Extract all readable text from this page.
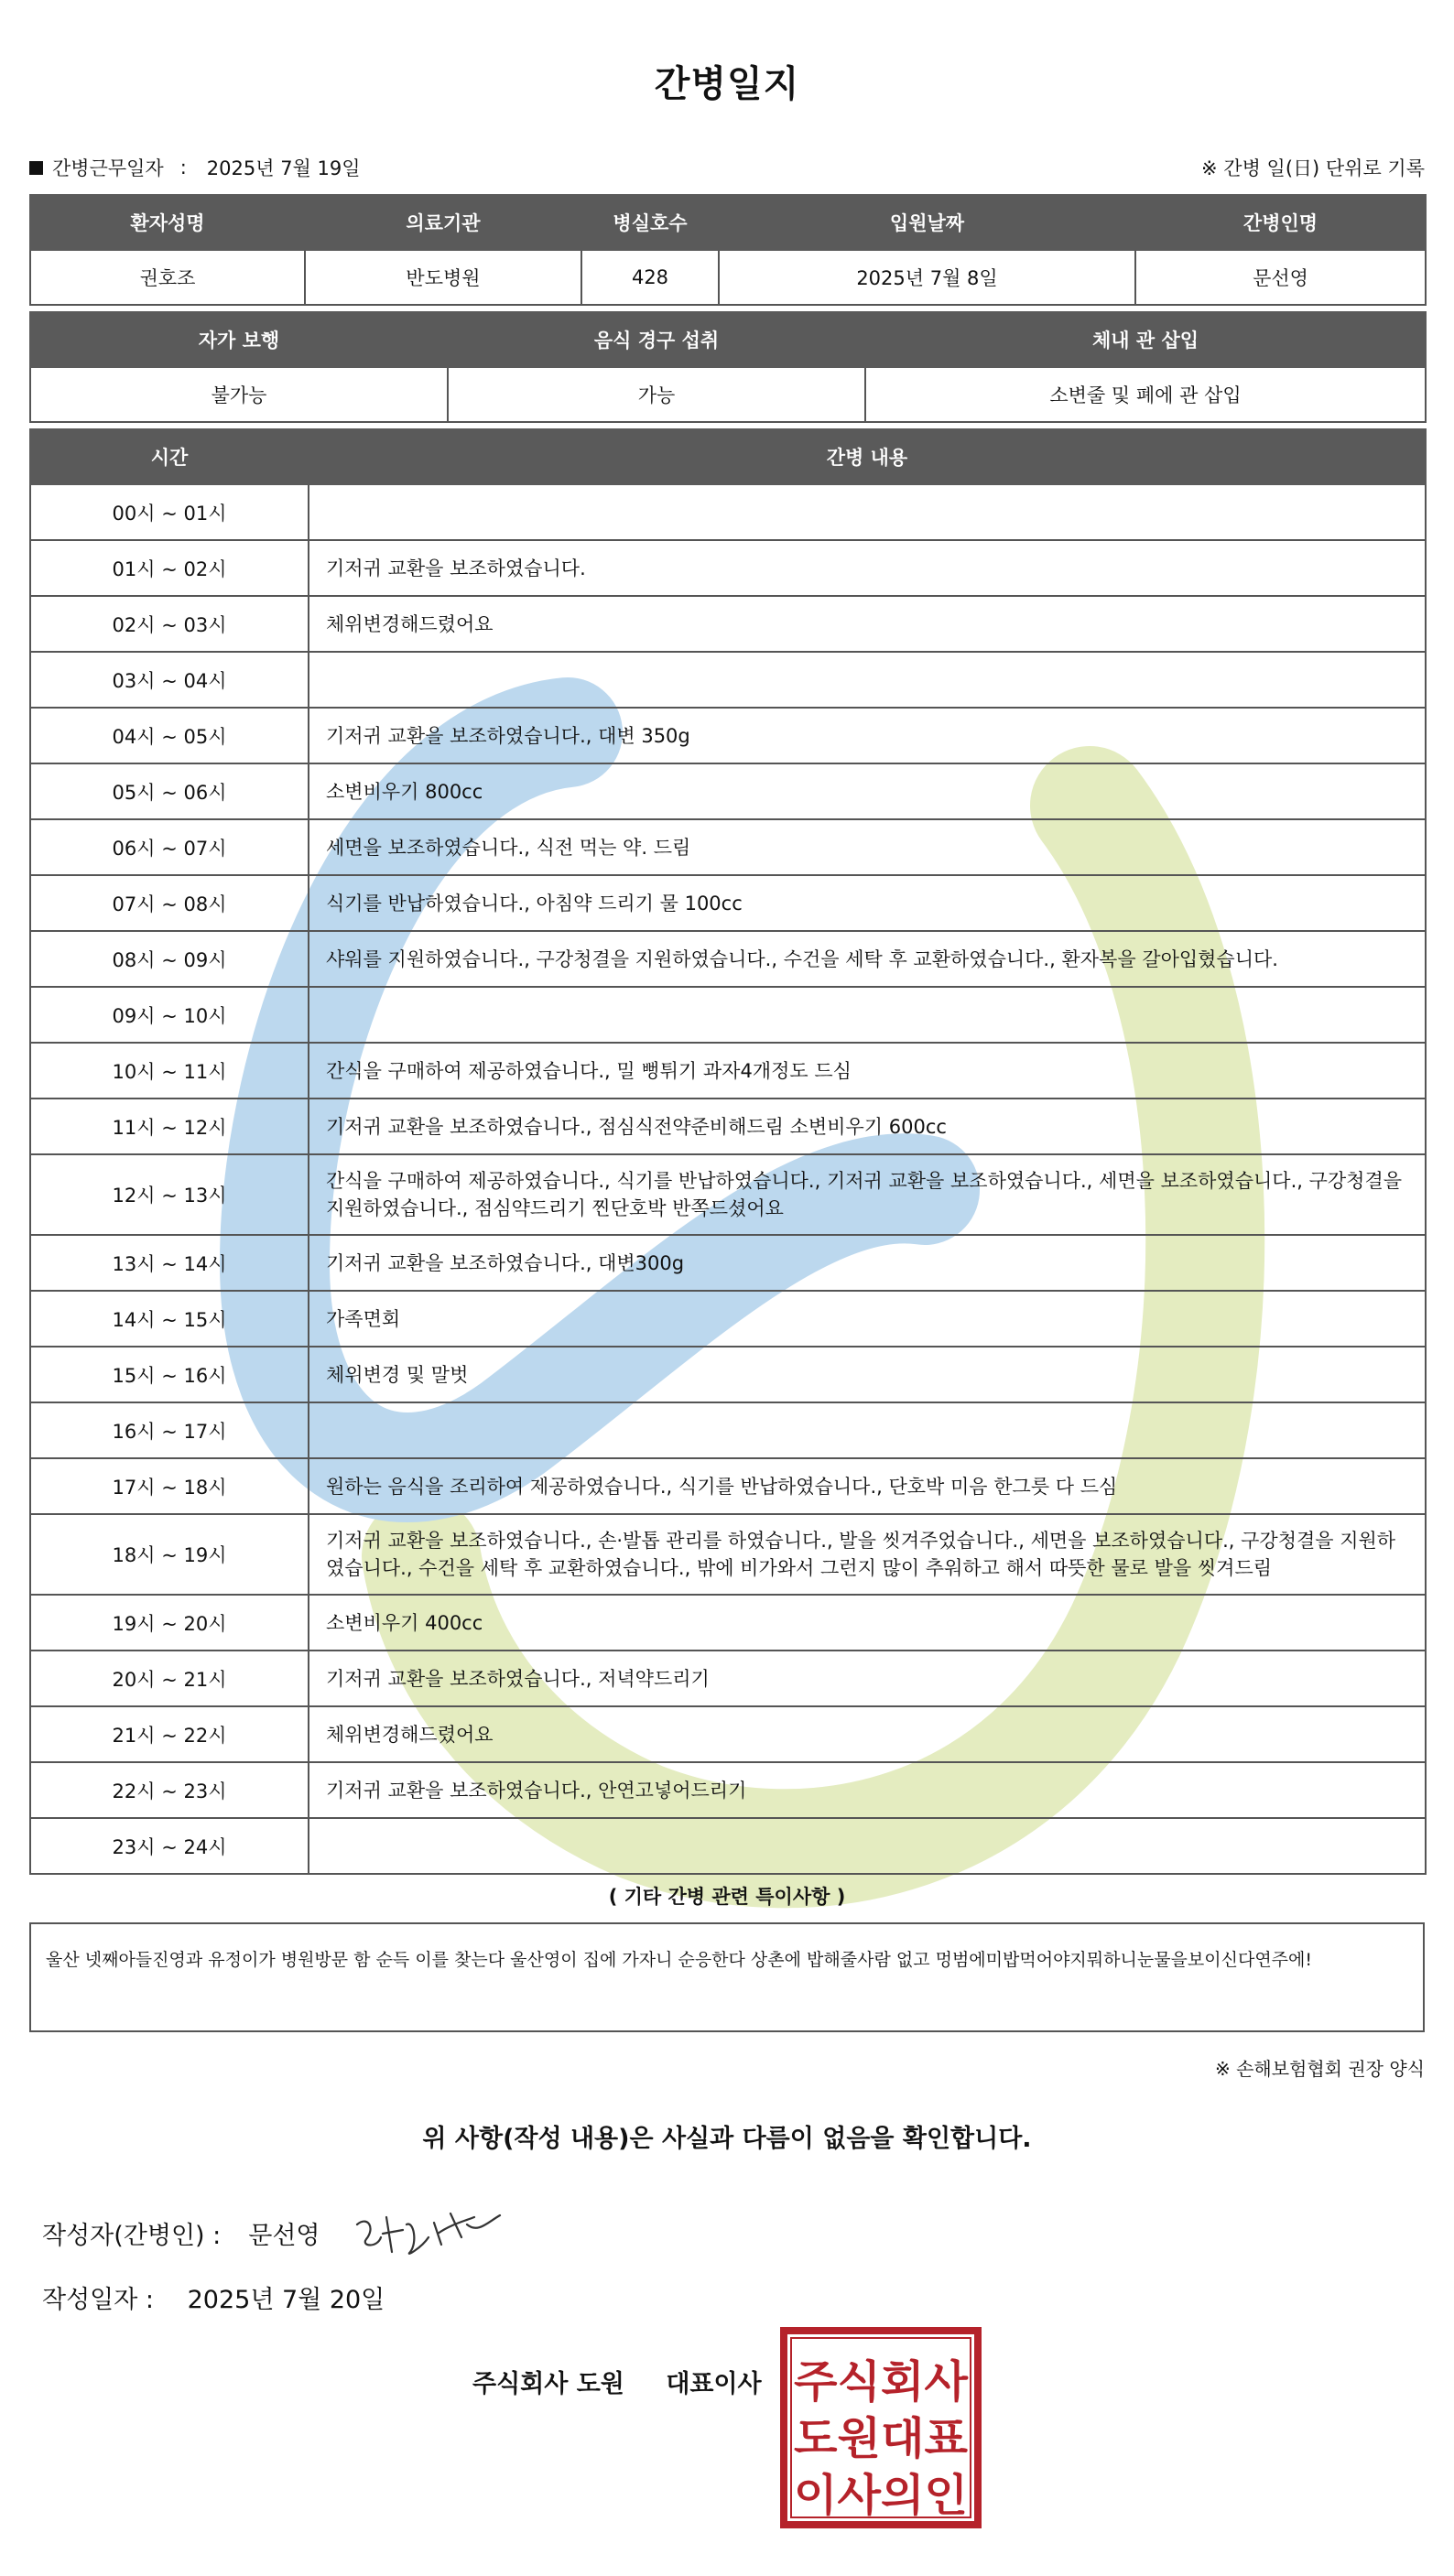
간병일지
간병근무일자 : 2025년 7월 19일	※ 간병 일(日) 단위로 기록
환자성명	의료기관	병실호수	입원날짜	간병인명
권호조	반도병원	428	2025년 7월 8일	문선영
자가 보행	음식 경구 섭취	체내 관 삽입
불가능	가능	소변줄 및 폐에 관 삽입
시간	간병 내용
00시 ~ 01시	
01시 ~ 02시	기저귀 교환을 보조하였습니다.
02시 ~ 03시	체위변경해드렸어요
03시 ~ 04시	
04시 ~ 05시	기저귀 교환을 보조하였습니다., 대변 350g
05시 ~ 06시	소변비우기 800cc
06시 ~ 07시	세면을 보조하였습니다., 식전 먹는 약. 드림
07시 ~ 08시	식기를 반납하였습니다., 아침약 드리기 물 100cc
08시 ~ 09시	샤워를 지원하였습니다., 구강청결을 지원하였습니다., 수건을 세탁 후 교환하였습니다., 환자복을 갈아입혔습니다.
09시 ~ 10시	
10시 ~ 11시	간식을 구매하여 제공하였습니다., 밀 뻥튀기 과자4개정도 드심
11시 ~ 12시	기저귀 교환을 보조하였습니다., 점심식전약준비해드림 소변비우기 600cc
12시 ~ 13시	간식을 구매하여 제공하였습니다., 식기를 반납하였습니다., 기저귀 교환을 보조하였습니다., 세면을 보조하였습니다., 구강청결을 지원하였습니다., 점심약드리기 찐단호박 반쪽드셨어요
13시 ~ 14시	기저귀 교환을 보조하였습니다., 대변300g
14시 ~ 15시	가족면회
15시 ~ 16시	체위변경 및 말벗
16시 ~ 17시	
17시 ~ 18시	원하는 음식을 조리하여 제공하였습니다., 식기를 반납하였습니다., 단호박 미음 한그릇 다 드심
18시 ~ 19시	기저귀 교환을 보조하였습니다., 손·발톱 관리를 하였습니다., 발을 씻겨주었습니다., 세면을 보조하였습니다., 구강청결을 지원하였습니다., 수건을 세탁 후 교환하였습니다., 밖에 비가와서 그런지 많이 추워하고 해서 따뜻한 물로 발을 씻겨드림
19시 ~ 20시	소변비우기 400cc
20시 ~ 21시	기저귀 교환을 보조하였습니다., 저녁약드리기
21시 ~ 22시	체위변경해드렸어요
22시 ~ 23시	기저귀 교환을 보조하였습니다., 안연고넣어드리기
23시 ~ 24시	
( 기타 간병 관련 특이사항 )
울산 넷째아들진영과 유정이가 병원방문 함 순득 이를 찾는다 울산영이 집에 가자니 순응한다 상촌에 밥해줄사람 없고 멍범에미밥먹어야지뭐하니눈물을보이신다연주에!
※ 손해보험협회 권장 양식
위 사항(작성 내용)은 사실과 다름이 없음을 확인합니다.
작성자(간병인) : 문선영
작성일자 : 2025년 7월 20일
주식회사 도원 대표이사 주식회사
도원대표
이사의인
